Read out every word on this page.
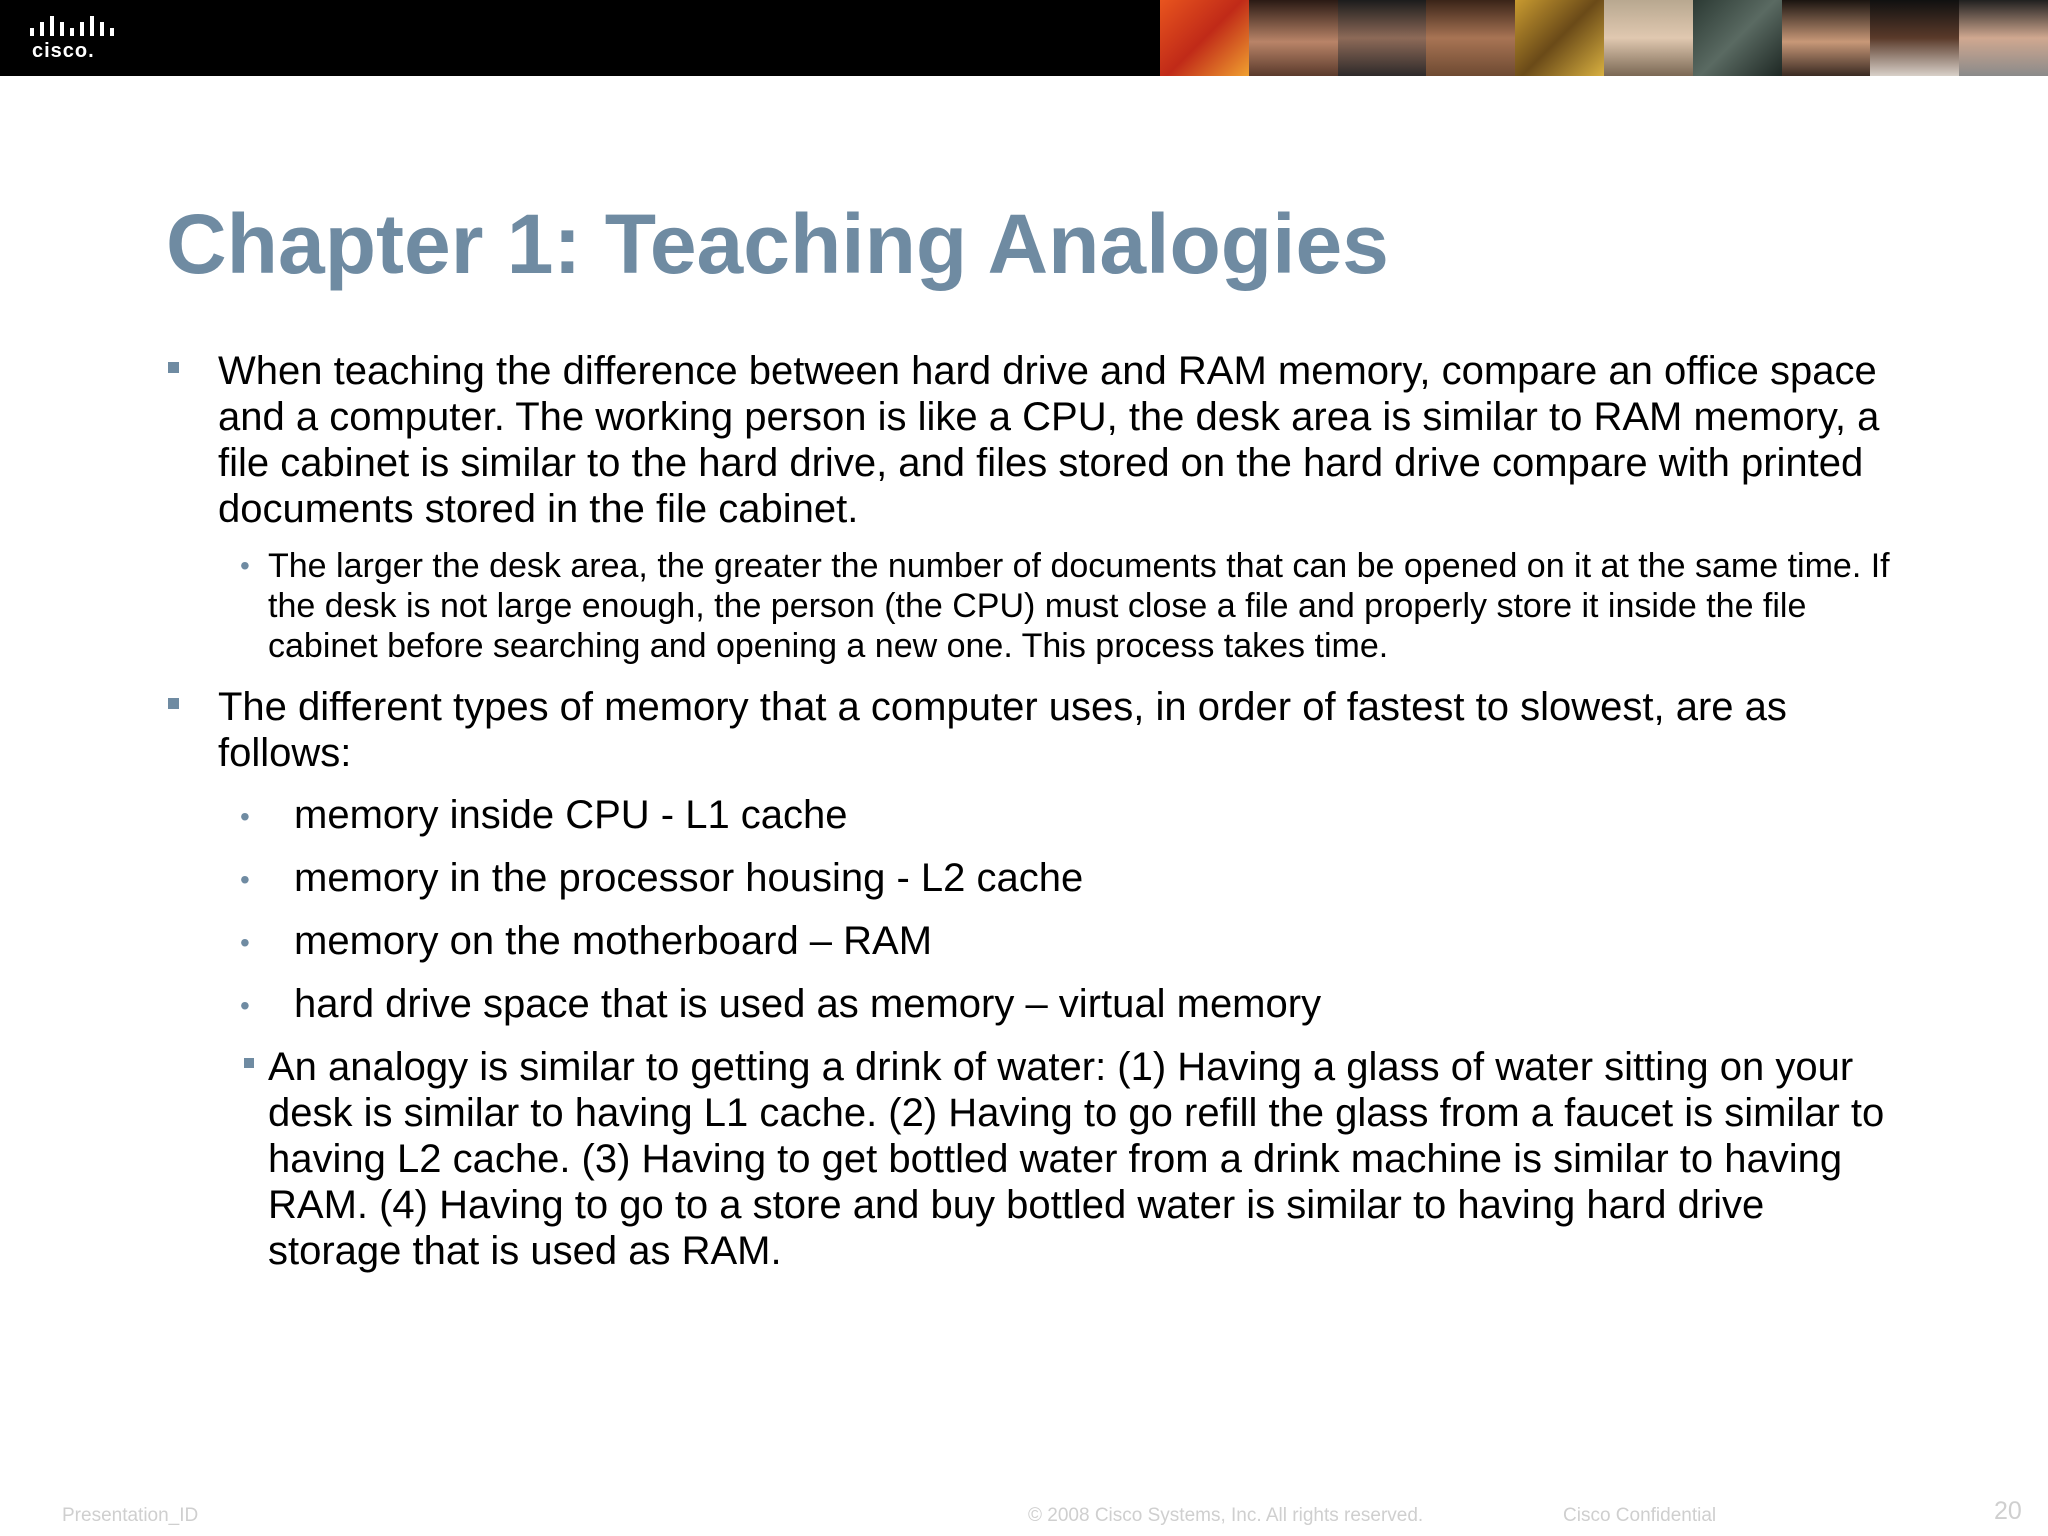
cisco.
Chapter 1: Teaching Analogies

When teaching the difference between hard drive and RAM memory, compare an office space and a computer. The working person is like a CPU, the desk area is similar to RAM memory, a file cabinet is similar to the hard drive, and files stored on the hard drive compare with printed documents stored in the file cabinet.

• The larger the desk area, the greater the number of documents that can be opened on it at the same time. If the desk is not large enough, the person (the CPU) must close a file and properly store it inside the file cabinet before searching and opening a new one. This process takes time.

The different types of memory that a computer uses, in order of fastest to slowest, are as follows:

• memory inside CPU - L1 cache
• memory in the processor housing - L2 cache
• memory on the motherboard – RAM
• hard drive space that is used as memory – virtual memory

An analogy is similar to getting a drink of water: (1) Having a glass of water sitting on your desk is similar to having L1 cache. (2) Having to go refill the glass from a faucet is similar to having L2 cache. (3) Having to get bottled water from a drink machine is similar to having RAM. (4) Having to go to a store and buy bottled water is similar to having hard drive storage that is used as RAM.

Presentation_ID	© 2008 Cisco Systems, Inc. All rights reserved.	Cisco Confidential	20
